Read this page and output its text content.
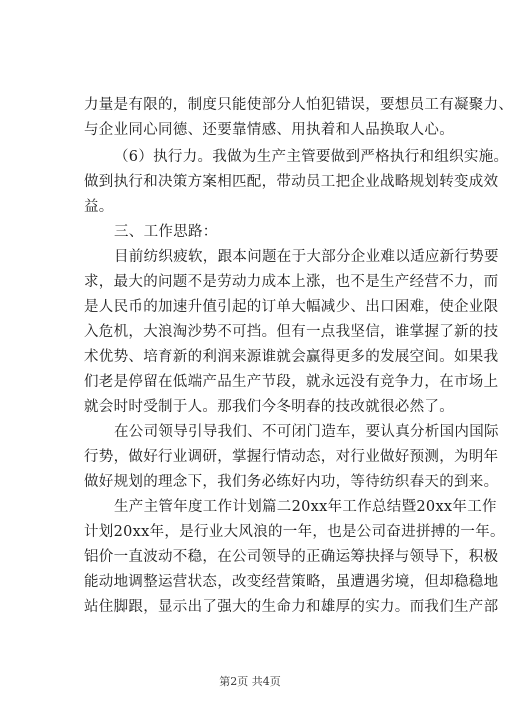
力量是有限的，制度只能使部分人怕犯错误，要想员工有凝聚力、
与企业同心同德、还要靠情感、用执着和人品换取人心。
（6）执行力。我做为生产主管要做到严格执行和组织实施。
做到执行和决策方案相匹配，带动员工把企业战略规划转变成效
益。
三、工作思路：
目前纺织疲软，跟本问题在于大部分企业难以适应新行势要
求，最大的问题不是劳动力成本上涨，也不是生产经营不力，而
是人民币的加速升值引起的订单大幅减少、出口困难，使企业限
入危机，大浪淘沙势不可挡。但有一点我坚信，谁掌握了新的技
术优势、培育新的利润来源谁就会赢得更多的发展空间。如果我
们老是停留在低端产品生产节段，就永远没有竞争力，在市场上
就会时时受制于人。那我们今冬明春的技改就很必然了。
在公司领导引导我们、不可闭门造车，要认真分析国内国际
行势，做好行业调研，掌握行情动态，对行业做好预测，为明年
做好规划的理念下，我们务必练好内功，等待纺织春天的到来。
生产主管年度工作计划篇二20xx年工作总结暨20xx年工作
计划20xx年，是行业大风浪的一年，也是公司奋进拼搏的一年。
铝价一直波动不稳，在公司领导的正确运筹抉择与领导下，积极
能动地调整运营状态，改变经营策略，虽遭遇劣境，但却稳稳地
站住脚跟，显示出了强大的生命力和雄厚的实力。而我们生产部
第2页 共4页
